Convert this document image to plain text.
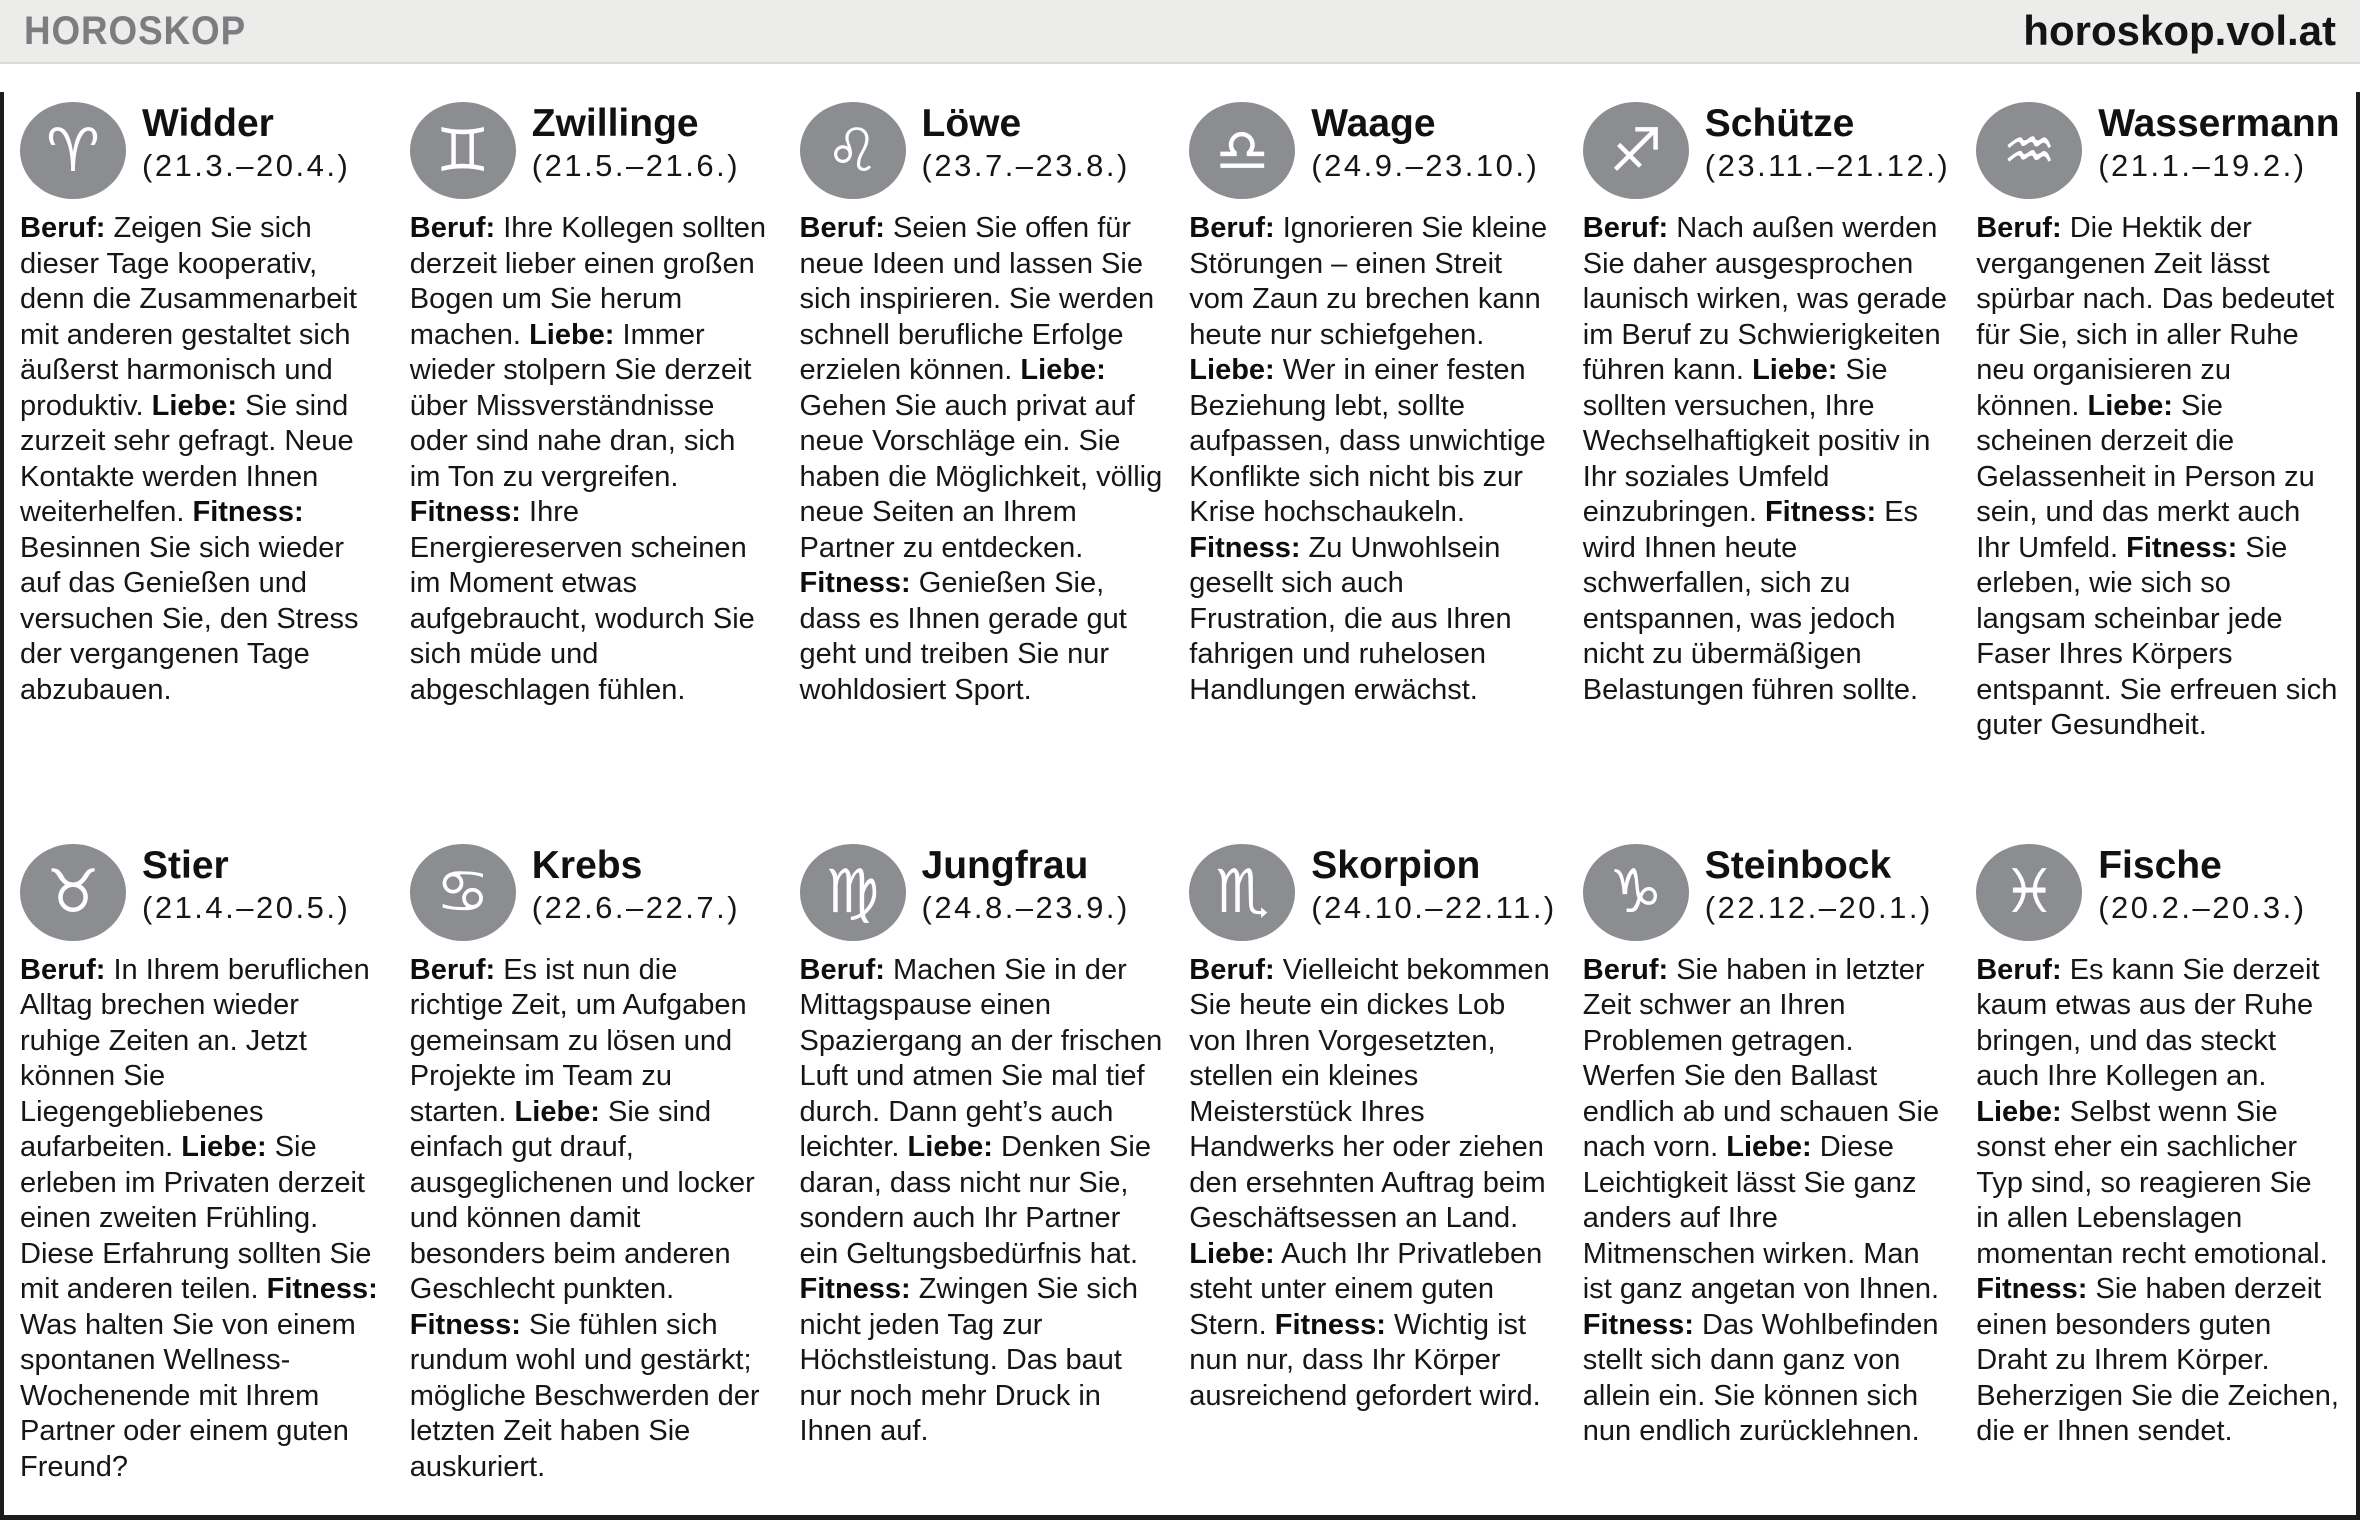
HOROSKOP	horoskop.vol.at
♈ Widder
(21.3.–20.4.)

Beruf: Zeigen Sie sich dieser Tage kooperativ, denn die Zusammenarbeit mit anderen gestaltet sich äußerst harmonisch und produktiv. Liebe: Sie sind zurzeit sehr gefragt. Neue Kontakte werden Ihnen weiterhelfen. Fitness: Besinnen Sie sich wieder auf das Genießen und versuchen Sie, den Stress der vergangenen Tage abzubauen.

♊ Zwillinge
(21.5.–21.6.)

Beruf: Ihre Kollegen sollten derzeit lieber einen großen Bogen um Sie herum machen. Liebe: Immer wieder stolpern Sie derzeit über Missverständnisse oder sind nahe dran, sich im Ton zu vergreifen. Fitness: Ihre Energiereserven scheinen im Moment etwas aufgebraucht, wodurch Sie sich müde und abgeschlagen fühlen.

♌ Löwe
(23.7.–23.8.)

Beruf: Seien Sie offen für neue Ideen und lassen Sie sich inspirieren. Sie werden schnell berufliche Erfolge erzielen können. Liebe: Gehen Sie auch privat auf neue Vorschläge ein. Sie haben die Möglichkeit, völlig neue Seiten an Ihrem Partner zu entdecken. Fitness: Genießen Sie, dass es Ihnen gerade gut geht und treiben Sie nur wohldosiert Sport.

♎ Waage
(24.9.–23.10.)

Beruf: Ignorieren Sie kleine Störungen – einen Streit vom Zaun zu brechen kann heute nur schiefgehen. Liebe: Wer in einer festen Beziehung lebt, sollte aufpassen, dass unwichtige Konflikte sich nicht bis zur Krise hochschaukeln. Fitness: Zu Unwohlsein gesellt sich auch Frustration, die aus Ihren fahrigen und ruhelosen Handlungen erwächst.

♐ Schütze
(23.11.–21.12.)

Beruf: Nach außen werden Sie daher ausgesprochen launisch wirken, was gerade im Beruf zu Schwierigkeiten führen kann. Liebe: Sie sollten versuchen, Ihre Wechselhaftigkeit positiv in Ihr soziales Umfeld einzubringen. Fitness: Es wird Ihnen heute schwerfallen, sich zu entspannen, was jedoch nicht zu übermäßigen Belastungen führen sollte.

♒ Wassermann
(21.1.–19.2.)

Beruf: Die Hektik der vergangenen Zeit lässt spürbar nach. Das bedeutet für Sie, sich in aller Ruhe neu organisieren zu können. Liebe: Sie scheinen derzeit die Gelassenheit in Person zu sein, und das merkt auch Ihr Umfeld. Fitness: Sie erleben, wie sich so langsam scheinbar jede Faser Ihres Körpers entspannt. Sie erfreuen sich guter Gesundheit.

♉ Stier
(21.4.–20.5.)

Beruf: In Ihrem beruflichen Alltag brechen wieder ruhige Zeiten an. Jetzt können Sie Liegengebliebenes aufarbeiten. Liebe: Sie erleben im Privaten derzeit einen zweiten Frühling. Diese Erfahrung sollten Sie mit anderen teilen. Fitness: Was halten Sie von einem spontanen Wellness-Wochenende mit Ihrem Partner oder einem guten Freund?

♋ Krebs
(22.6.–22.7.)

Beruf: Es ist nun die richtige Zeit, um Aufgaben gemeinsam zu lösen und Projekte im Team zu starten. Liebe: Sie sind einfach gut drauf, ausgeglichenen und locker und können damit besonders beim anderen Geschlecht punkten. Fitness: Sie fühlen sich rundum wohl und gestärkt; mögliche Beschwerden der letzten Zeit haben Sie auskuriert.

♍ Jungfrau
(24.8.–23.9.)

Beruf: Machen Sie in der Mittagspause einen Spaziergang an der frischen Luft und atmen Sie mal tief durch. Dann geht’s auch leichter. Liebe: Denken Sie daran, dass nicht nur Sie, sondern auch Ihr Partner ein Geltungsbedürfnis hat. Fitness: Zwingen Sie sich nicht jeden Tag zur Höchstleistung. Das baut nur noch mehr Druck in Ihnen auf.

♏ Skorpion
(24.10.–22.11.)

Beruf: Vielleicht bekommen Sie heute ein dickes Lob von Ihren Vorgesetzten, stellen ein kleines Meisterstück Ihres Handwerks her oder ziehen den ersehnten Auftrag beim Geschäftsessen an Land. Liebe: Auch Ihr Privatleben steht unter einem guten Stern. Fitness: Wichtig ist nun nur, dass Ihr Körper ausreichend gefordert wird.

♑ Steinbock
(22.12.–20.1.)

Beruf: Sie haben in letzter Zeit schwer an Ihren Problemen getragen. Werfen Sie den Ballast endlich ab und schauen Sie nach vorn. Liebe: Diese Leichtigkeit lässt Sie ganz anders auf Ihre Mitmenschen wirken. Man ist ganz angetan von Ihnen. Fitness: Das Wohlbefinden stellt sich dann ganz von allein ein. Sie können sich nun endlich zurücklehnen.

♓ Fische
(20.2.–20.3.)

Beruf: Es kann Sie derzeit kaum etwas aus der Ruhe bringen, und das steckt auch Ihre Kollegen an. Liebe: Selbst wenn Sie sonst eher ein sachlicher Typ sind, so reagieren Sie in allen Lebenslagen momentan recht emotional. Fitness: Sie haben derzeit einen besonders guten Draht zu Ihrem Körper. Beherzigen Sie die Zeichen, die er Ihnen sendet.
